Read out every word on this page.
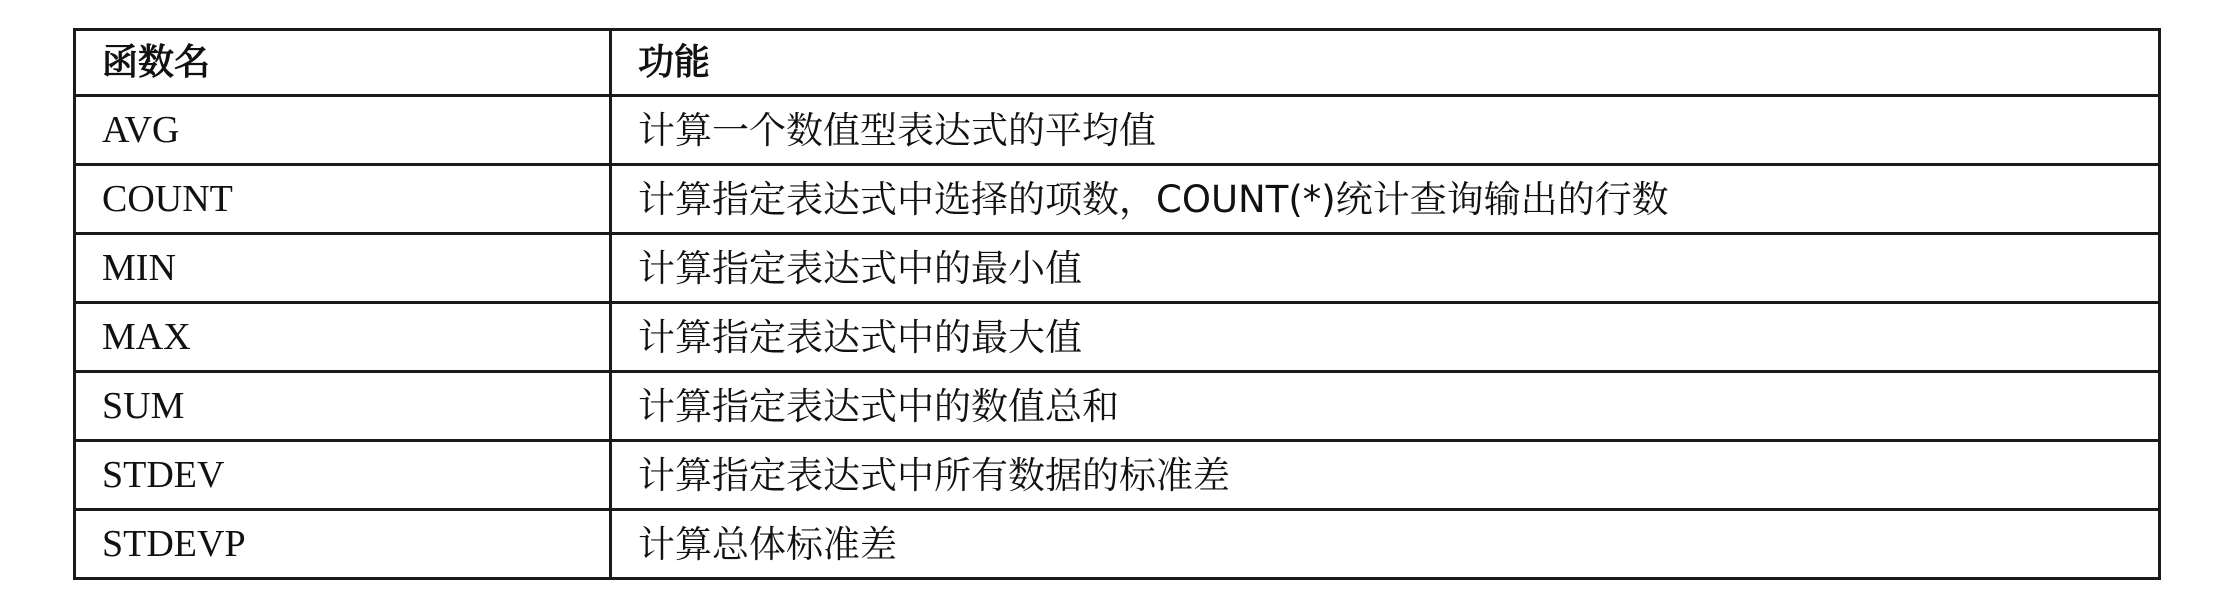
函数名	功能
AVG	计算一个数值型表达式的平均值
COUNT	计算指定表达式中选择的项数，COUNT(*)统计查询输出的行数
MIN	计算指定表达式中的最小值
MAX	计算指定表达式中的最大值
SUM	计算指定表达式中的数值总和
STDEV	计算指定表达式中所有数据的标准差
STDEVP	计算总体标准差
